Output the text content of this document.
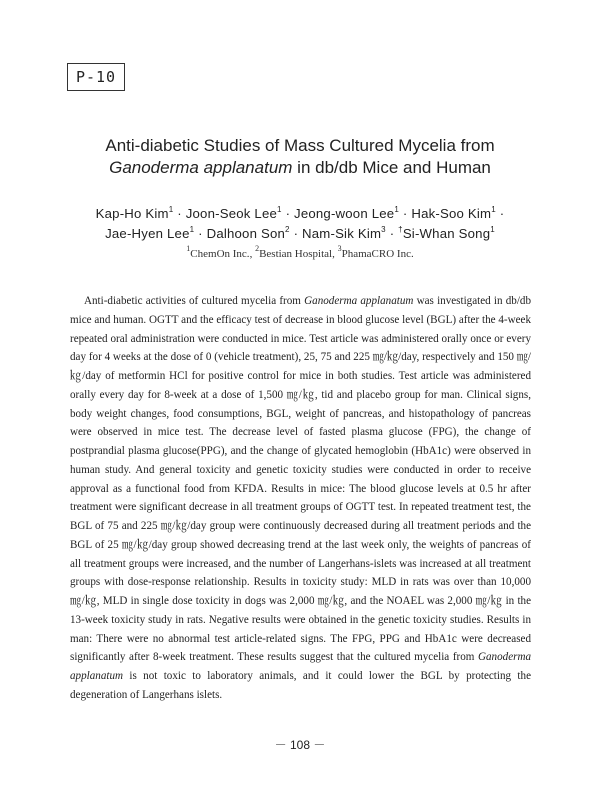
P-10
Anti-diabetic Studies of Mass Cultured Mycelia from
Ganoderma applanatum in db/db Mice and Human
Kap-Ho Kim$^1$ · Joon-Seok Lee$^1$ · Jeong-woon Lee$^1$ · Hak-Soo Kim$^1$ ·
Jae-Hyen Lee$^1$ · Dalhoon Son$^2$ · Nam-Sik Kim$^3$ · †Si-Whan Song$^1$
$^1$ChemOn Inc., $^2$Bestian Hospital, $^3$PhamaCRO Inc.

Anti-diabetic activities of cultured mycelia from Ganoderma applanatum was investigated in db/db mice and human. OGTT and the efficacy test of decrease in blood glucose level (BGL) after the 4-week repeated oral administration were conducted in mice. Test article was administered orally once or every day for 4 weeks at the dose of 0 (vehicle treatment), 25, 75 and 225 ㎎/㎏/day, respectively and 150 ㎎/㎏/day of metformin HCl for positive control for mice in both studies. Test article was administered orally every day for 8-week at a dose of 1,500 ㎎/㎏, tid and placebo group for man. Clinical signs, body weight changes, food consumptions, BGL, weight of pancreas, and histopathology of pancreas were observed in mice test. The decrease level of fasted plasma glucose (FPG), the change of postprandial plasma glucose(PPG), and the change of glycated hemoglobin (HbA1c) were observed in human study. And general toxicity and genetic toxicity studies were conducted in order to receive approval as a functional food from KFDA. Results in mice: The blood glucose levels at 0.5 hr after treatment were significant decrease in all treatment groups of OGTT test. In repeated treatment test, the BGL of 75 and 225 ㎎/㎏/day group were continuously decreased during all treatment periods and the BGL of 25 ㎎/㎏/day group showed decreasing trend at the last week only, the weights of pancreas of all treatment groups were increased, and the number of Langerhans-islets was increased at all treatment groups with dose-response relationship. Results in toxicity study: MLD in rats was over than 10,000 ㎎/㎏, MLD in single dose toxicity in dogs was 2,000 ㎎/㎏, and the NOAEL was 2,000 ㎎/㎏ in the 13-week toxicity study in rats. Negative results were obtained in the genetic toxicity studies. Results in man: There were no abnormal test article-related signs. The FPG, PPG and HbA1c were decreased significantly after 8-week treatment. These results suggest that the cultured mycelia from Ganoderma applanatum is not toxic to laboratory animals, and it could lower the BGL by protecting the degeneration of Langerhans islets.

－ 108 －
